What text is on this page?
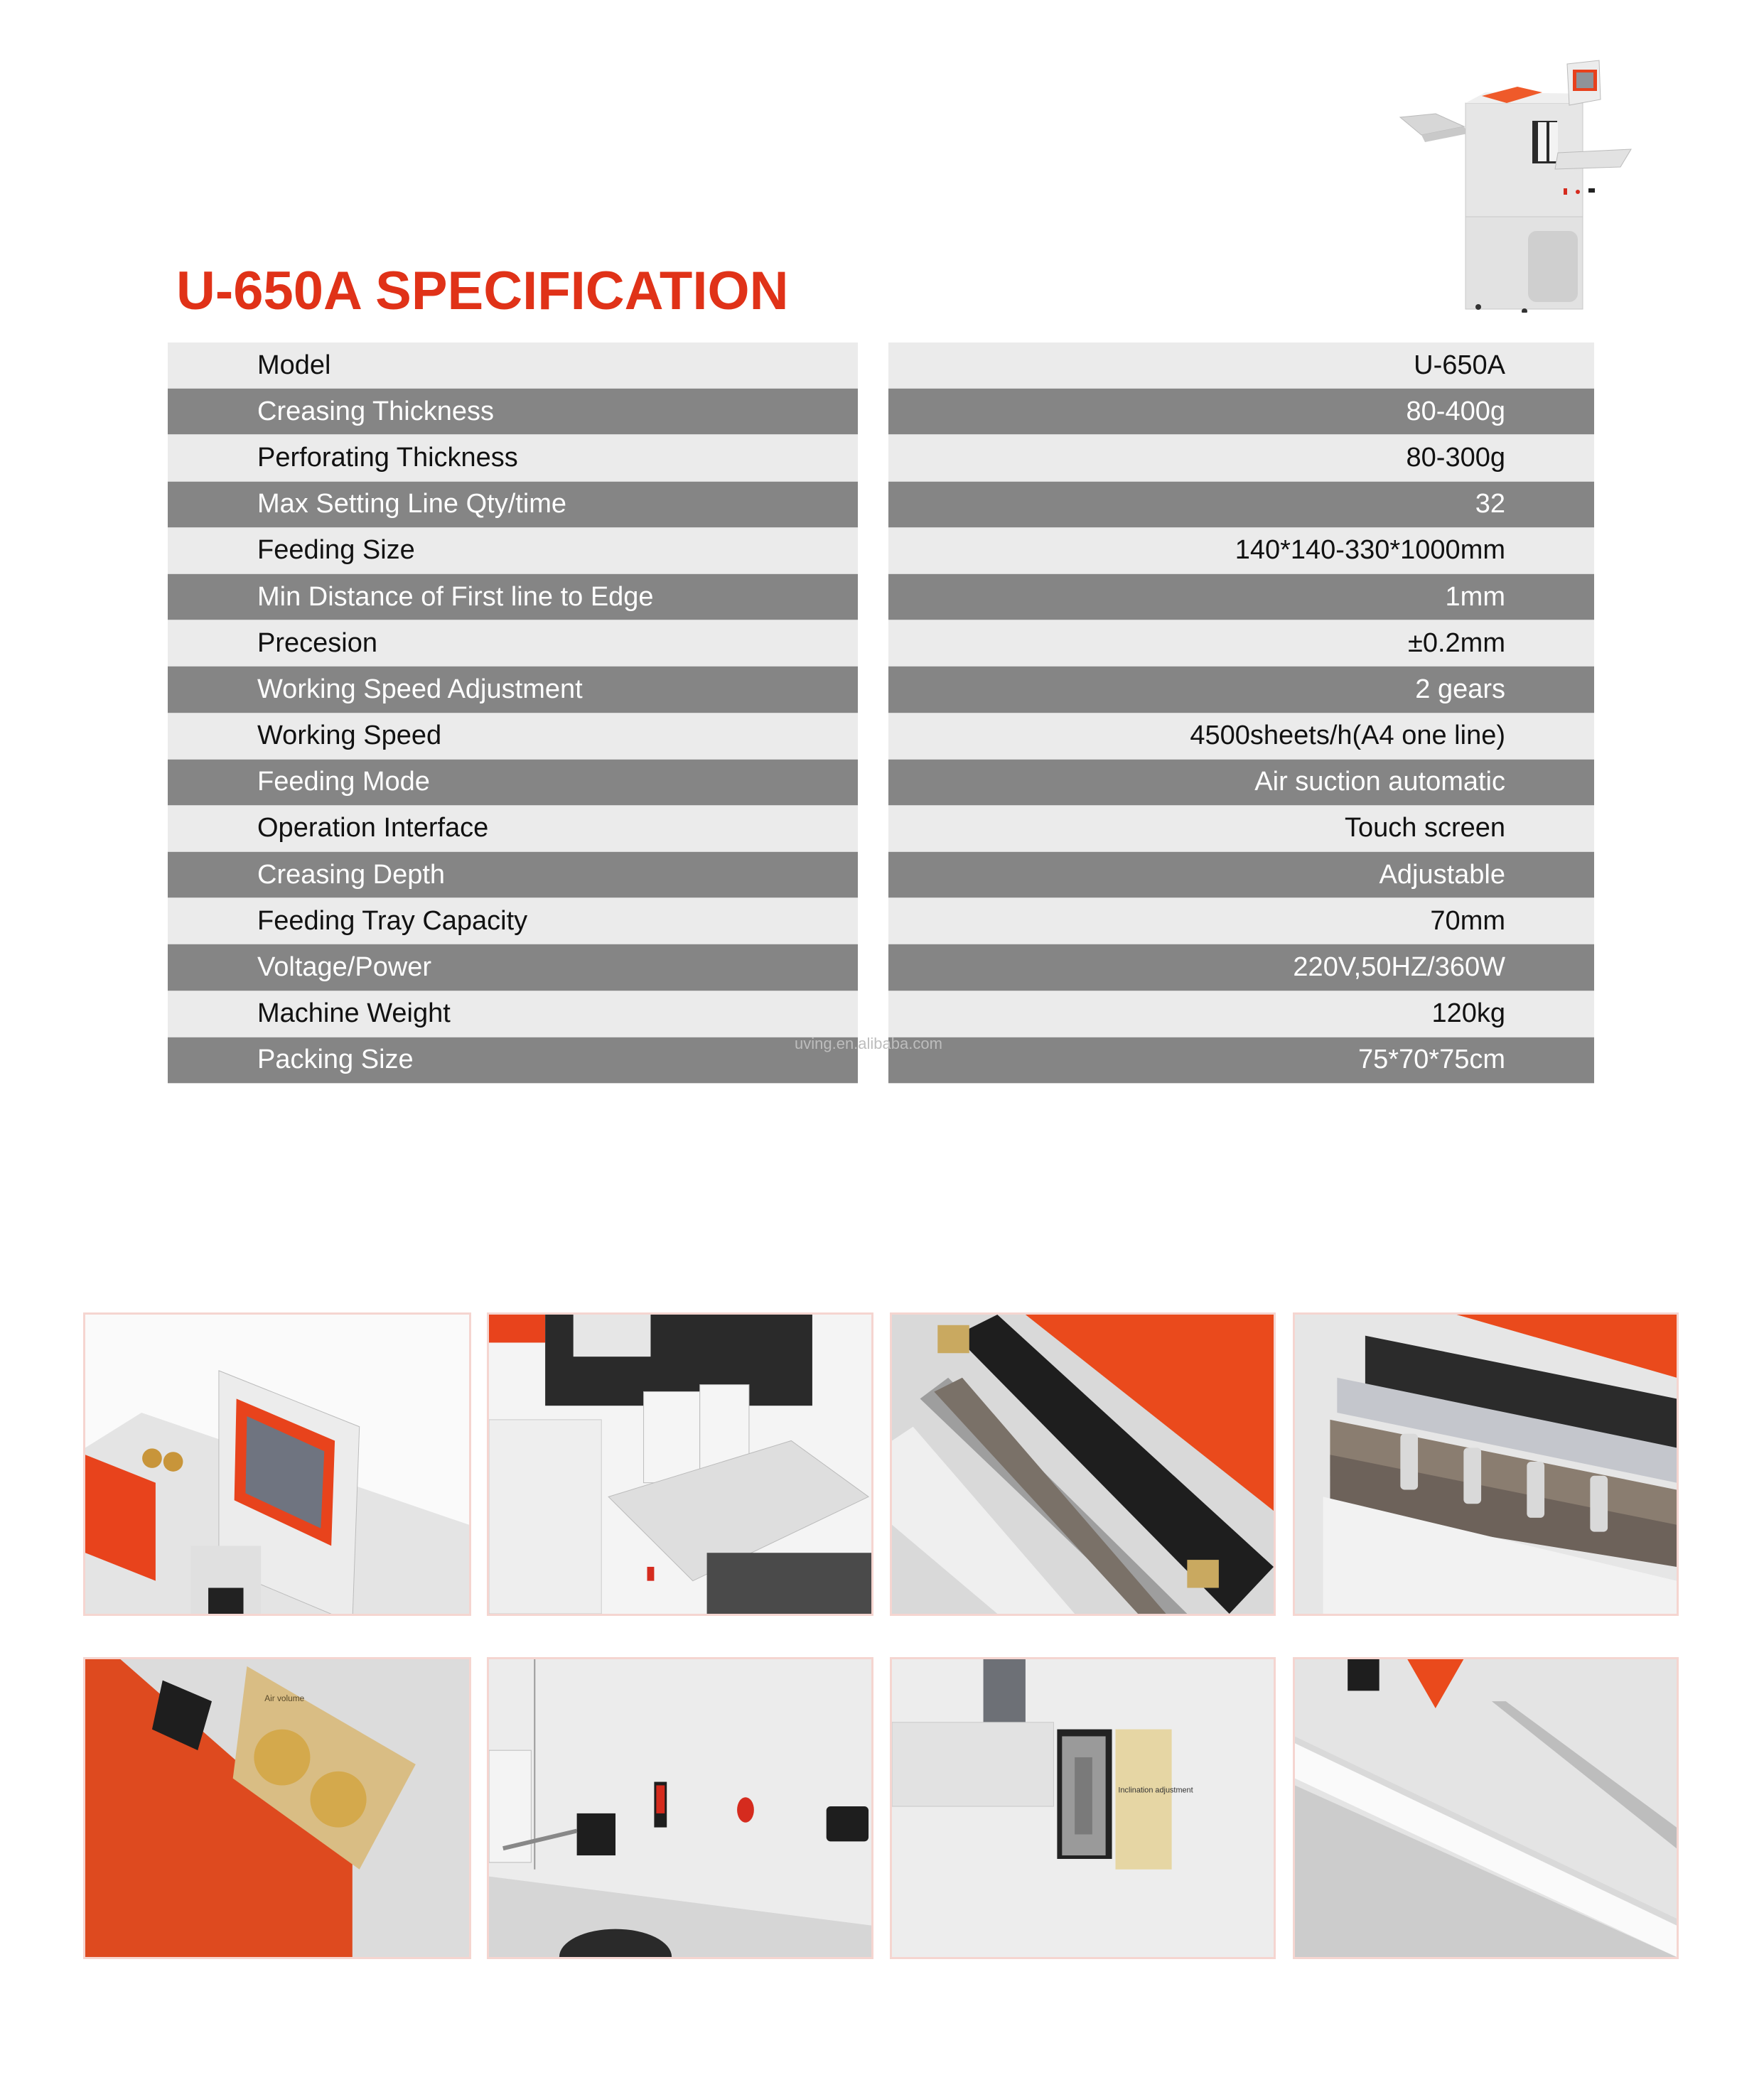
U-650A SPECIFICATION
Model
Creasing Thickness
Perforating Thickness
Max Setting Line Qty/time
Feeding Size
Min Distance of First line to Edge
Precesion
Working Speed Adjustment
Working Speed
Feeding Mode
Operation Interface
Creasing Depth
Feeding Tray Capacity
Voltage/Power
Machine Weight
Packing Size
U-650A
80-400g
80-300g
32
140*140-330*1000mm
1mm
±0.2mm
2 gears
4500sheets/h(A4 one line)
Air suction automatic
Touch screen
Adjustable
70mm
220V,50HZ/360W
120kg
75*70*75cm
uving.en.alibaba.com
Air volume
Inclination adjustment
